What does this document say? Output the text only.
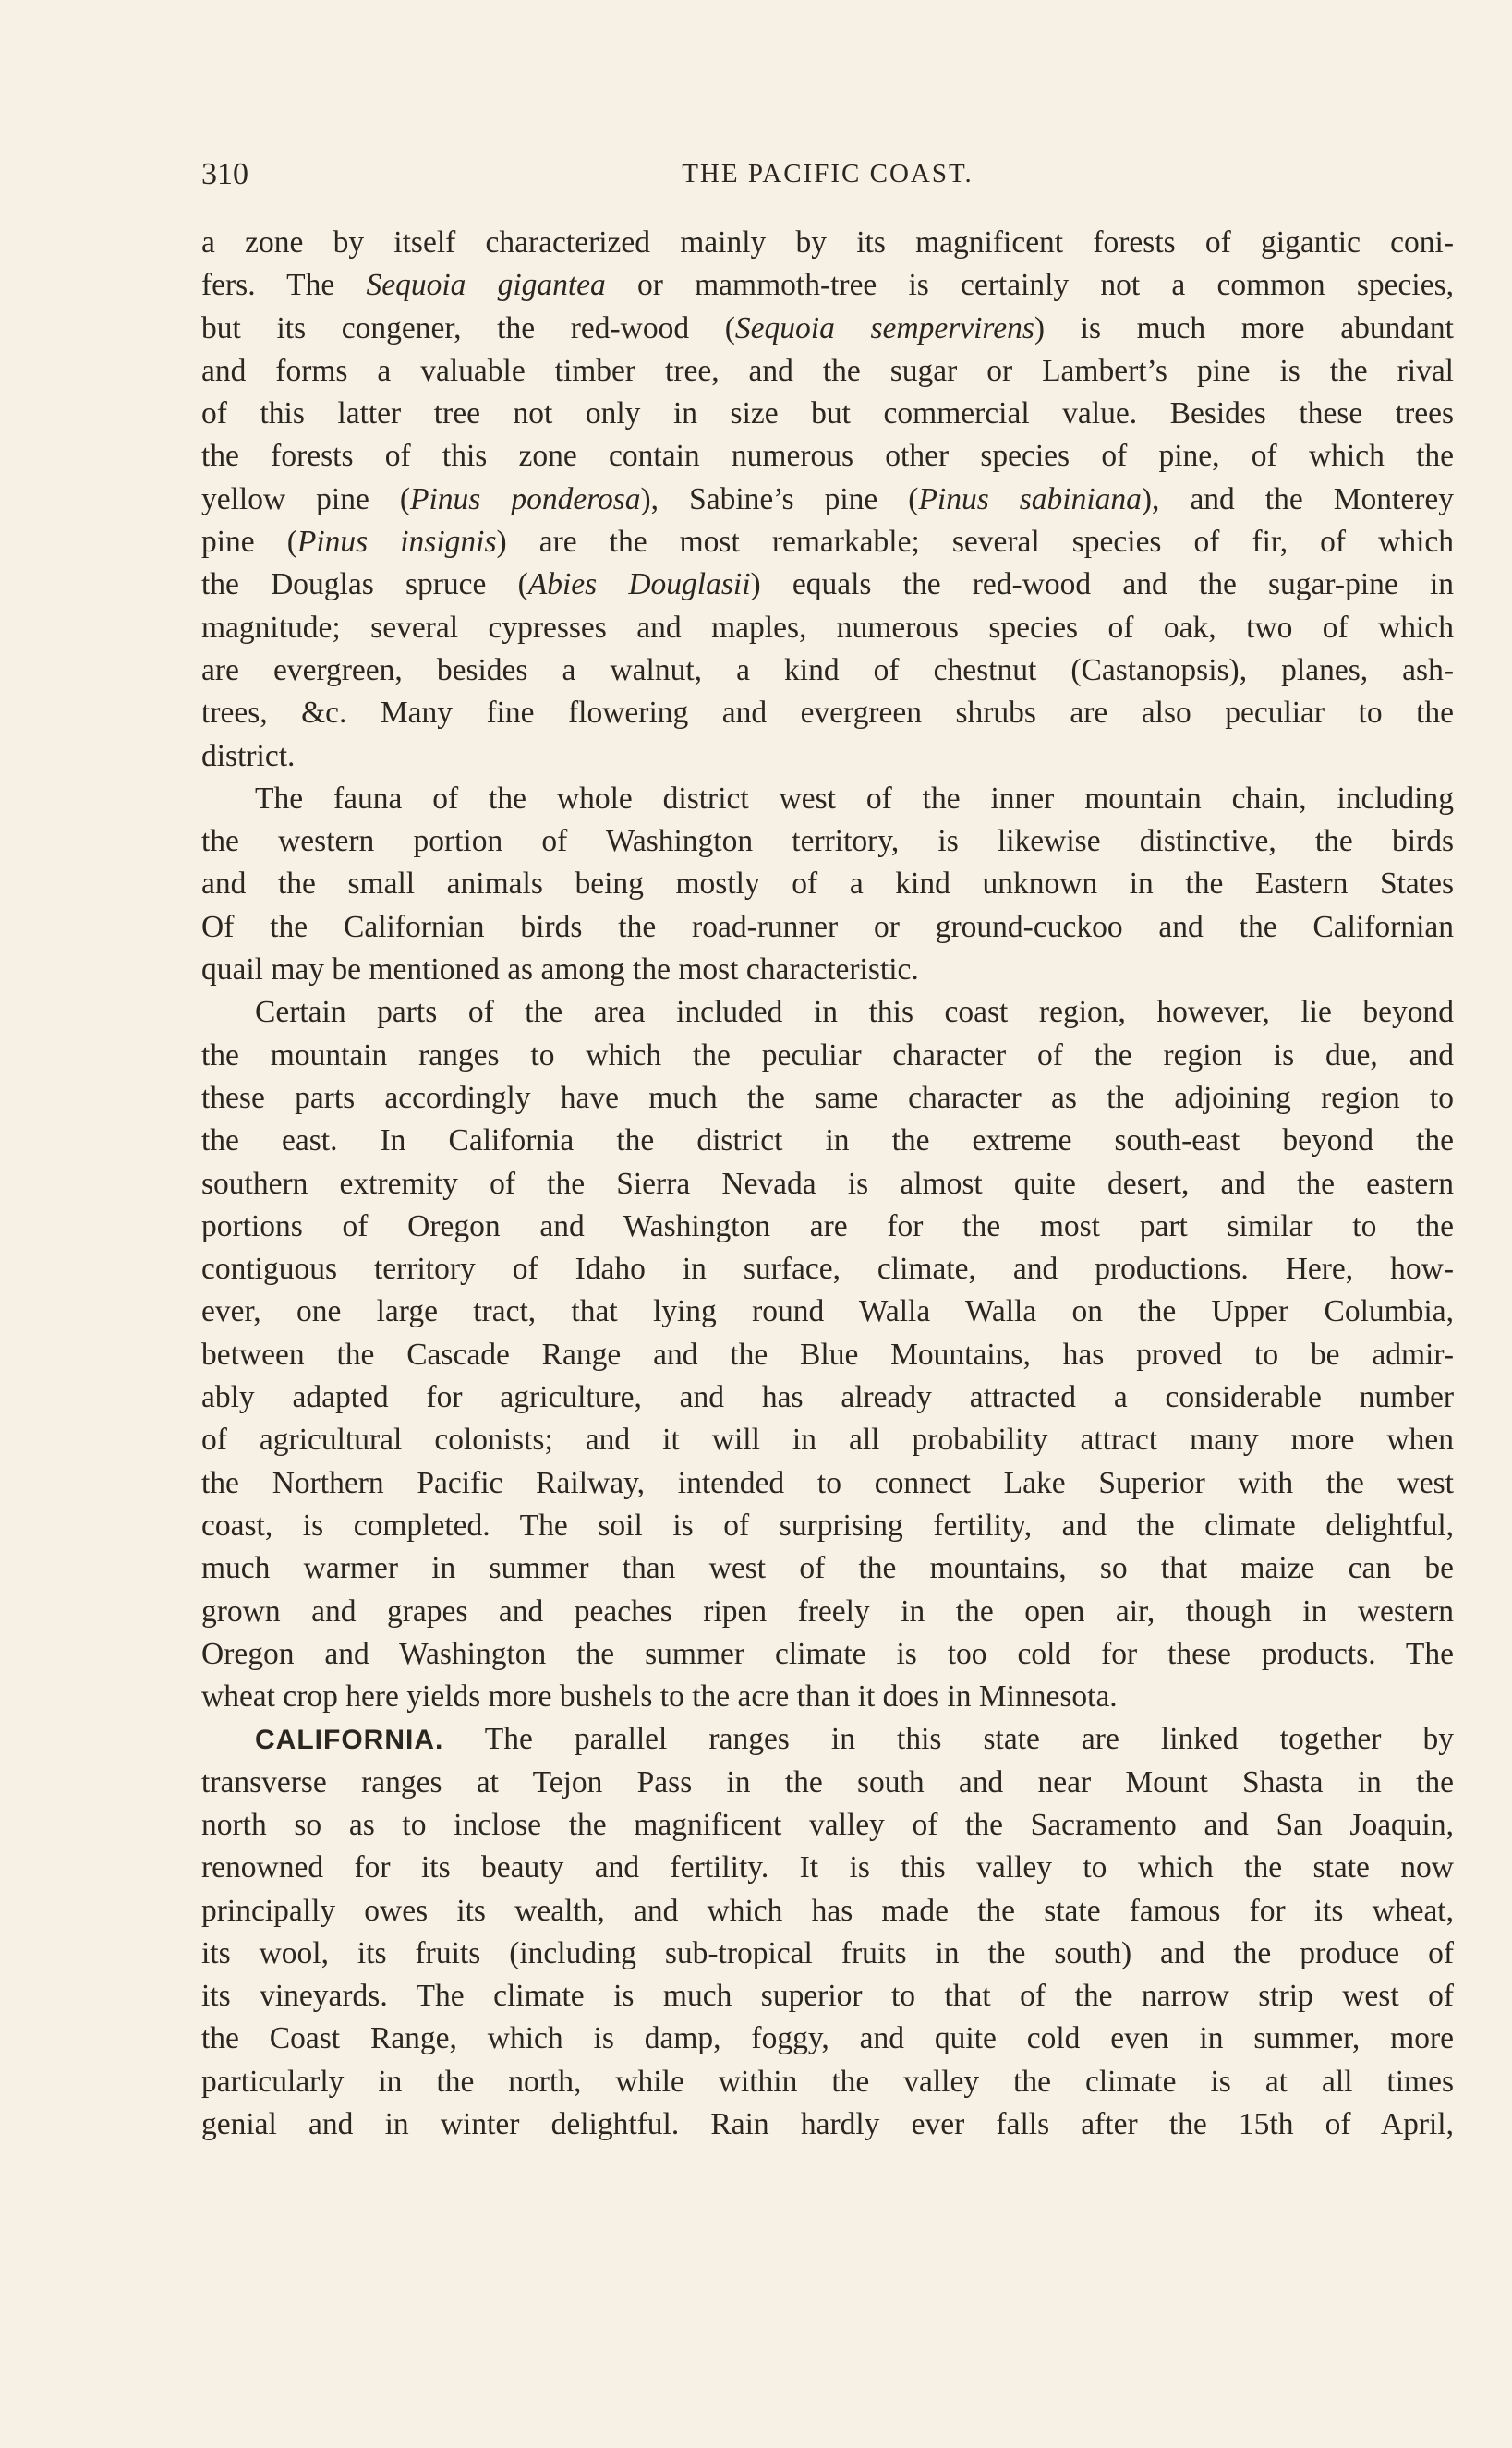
310	THE PACIFIC COAST.
a zone by itself characterized mainly by its magnificent forests of gigantic coni-
fers. The Sequoia gigantea or mammoth-tree is certainly not a common species,
but its congener, the red-wood (Sequoia sempervirens) is much more abundant
and forms a valuable timber tree, and the sugar or Lambert’s pine is the rival
of this latter tree not only in size but commercial value. Besides these trees
the forests of this zone contain numerous other species of pine, of which the
yellow pine (Pinus ponderosa), Sabine’s pine (Pinus sabiniana), and the Monterey
pine (Pinus insignis) are the most remarkable; several species of fir, of which
the Douglas spruce (Abies Douglasii) equals the red-wood and the sugar-pine in
magnitude; several cypresses and maples, numerous species of oak, two of which
are evergreen, besides a walnut, a kind of chestnut (Castanopsis), planes, ash-
trees, &c. Many fine flowering and evergreen shrubs are also peculiar to the
district.
The fauna of the whole district west of the inner mountain chain, including
the western portion of Washington territory, is likewise distinctive, the birds
and the small animals being mostly of a kind unknown in the Eastern States
Of the Californian birds the road-runner or ground-cuckoo and the Californian
quail may be mentioned as among the most characteristic.
Certain parts of the area included in this coast region, however, lie beyond
the mountain ranges to which the peculiar character of the region is due, and
these parts accordingly have much the same character as the adjoining region to
the east. In California the district in the extreme south-east beyond the
southern extremity of the Sierra Nevada is almost quite desert, and the eastern
portions of Oregon and Washington are for the most part similar to the
contiguous territory of Idaho in surface, climate, and productions. Here, how-
ever, one large tract, that lying round Walla Walla on the Upper Columbia,
between the Cascade Range and the Blue Mountains, has proved to be admir-
ably adapted for agriculture, and has already attracted a considerable number
of agricultural colonists; and it will in all probability attract many more when
the Northern Pacific Railway, intended to connect Lake Superior with the west
coast, is completed. The soil is of surprising fertility, and the climate delightful,
much warmer in summer than west of the mountains, so that maize can be
grown and grapes and peaches ripen freely in the open air, though in western
Oregon and Washington the summer climate is too cold for these products. The
wheat crop here yields more bushels to the acre than it does in Minnesota.
CALIFORNIA. The parallel ranges in this state are linked together by
transverse ranges at Tejon Pass in the south and near Mount Shasta in the
north so as to inclose the magnificent valley of the Sacramento and San Joaquin,
renowned for its beauty and fertility. It is this valley to which the state now
principally owes its wealth, and which has made the state famous for its wheat,
its wool, its fruits (including sub-tropical fruits in the south) and the produce of
its vineyards. The climate is much superior to that of the narrow strip west of
the Coast Range, which is damp, foggy, and quite cold even in summer, more
particularly in the north, while within the valley the climate is at all times
genial and in winter delightful. Rain hardly ever falls after the 15th of April,
